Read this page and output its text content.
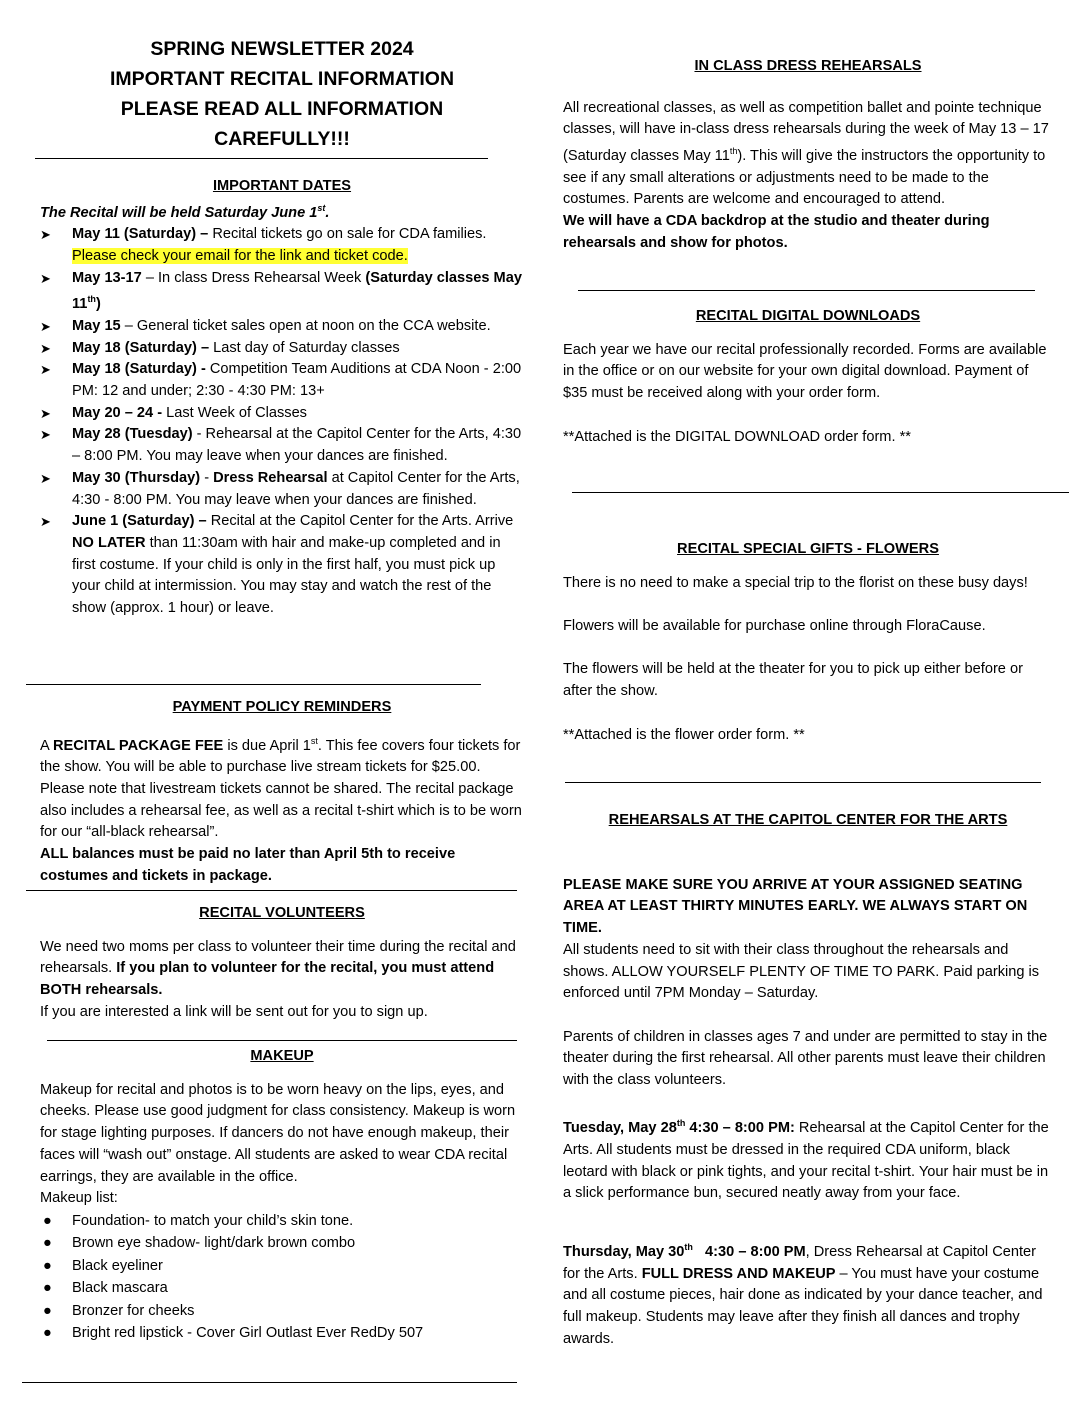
SPRING NEWSLETTER 2024

IMPORTANT RECITAL INFORMATION

PLEASE READ ALL INFORMATION

CAREFULLY!!!

IMPORTANT DATES

The Recital will be held Saturday June 1st.

➤ May 11 (Saturday) – Recital tickets go on sale for CDA families. Please check your email for the link and ticket code.
➤ May 13-17 – In class Dress Rehearsal Week (Saturday classes May 11th)
➤ May 15 – General ticket sales open at noon on the CCA website.
➤ May 18 (Saturday) – Last day of Saturday classes
➤ May 18 (Saturday) - Competition Team Auditions at CDA Noon - 2:00 PM: 12 and under; 2:30 - 4:30 PM: 13+
➤ May 20 – 24 - Last Week of Classes
➤ May 28 (Tuesday) - Rehearsal at the Capitol Center for the Arts, 4:30 – 8:00 PM. You may leave when your dances are finished.
➤ May 30 (Thursday) - Dress Rehearsal at Capitol Center for the Arts, 4:30 - 8:00 PM. You may leave when your dances are finished.
➤ June 1 (Saturday) – Recital at the Capitol Center for the Arts. Arrive NO LATER than 11:30am with hair and make-up completed and in first costume. If your child is only in the first half, you must pick up your child at intermission. You may stay and watch the rest of the show (approx. 1 hour) or leave.

PAYMENT POLICY REMINDERS

A RECITAL PACKAGE FEE is due April 1st. This fee covers four tickets for the show. You will be able to purchase live stream tickets for $25.00. Please note that livestream tickets cannot be shared. The recital package also includes a rehearsal fee, as well as a recital t-shirt which is to be worn for our “all-black rehearsal”.

ALL balances must be paid no later than April 5th to receive costumes and tickets in package.

RECITAL VOLUNTEERS

We need two moms per class to volunteer their time during the recital and rehearsals. If you plan to volunteer for the recital, you must attend BOTH rehearsals.

If you are interested a link will be sent out for you to sign up.

MAKEUP

Makeup for recital and photos is to be worn heavy on the lips, eyes, and cheeks. Please use good judgment for class consistency. Makeup is worn for stage lighting purposes. If dancers do not have enough makeup, their faces will “wash out” onstage. All students are asked to wear CDA recital earrings, they are available in the office.

Makeup list:

● Foundation- to match your child’s skin tone.
● Brown eye shadow- light/dark brown combo
● Black eyeliner
● Black mascara
● Bronzer for cheeks
● Bright red lipstick - Cover Girl Outlast Ever RedDy 507

IN CLASS DRESS REHEARSALS

All recreational classes, as well as competition ballet and pointe technique classes, will have in-class dress rehearsals during the week of May 13 – 17 (Saturday classes May 11th). This will give the instructors the opportunity to see if any small alterations or adjustments need to be made to the costumes. Parents are welcome and encouraged to attend.

We will have a CDA backdrop at the studio and theater during rehearsals and show for photos.

RECITAL DIGITAL DOWNLOADS

Each year we have our recital professionally recorded. Forms are available in the office or on our website for your own digital download. Payment of $35 must be received along with your order form.

**Attached is the DIGITAL DOWNLOAD order form. **

RECITAL SPECIAL GIFTS - FLOWERS

There is no need to make a special trip to the florist on these busy days!

Flowers will be available for purchase online through FloraCause.

The flowers will be held at the theater for you to pick up either before or after the show.

**Attached is the flower order form. **

REHEARSALS AT THE CAPITOL CENTER FOR THE ARTS

PLEASE MAKE SURE YOU ARRIVE AT YOUR ASSIGNED SEATING AREA AT LEAST THIRTY MINUTES EARLY. WE ALWAYS START ON TIME.

All students need to sit with their class throughout the rehearsals and shows. ALLOW YOURSELF PLENTY OF TIME TO PARK. Paid parking is enforced until 7PM Monday – Saturday.

Parents of children in classes ages 7 and under are permitted to stay in the theater during the first rehearsal. All other parents must leave their children with the class volunteers.

Tuesday, May 28th 4:30 – 8:00 PM: Rehearsal at the Capitol Center for the Arts. All students must be dressed in the required CDA uniform, black leotard with black or pink tights, and your recital t-shirt. Your hair must be in a slick performance bun, secured neatly away from your face.

Thursday, May 30th   4:30 – 8:00 PM, Dress Rehearsal at Capitol Center for the Arts. FULL DRESS AND MAKEUP – You must have your costume and all costume pieces, hair done as indicated by your dance teacher, and full makeup. Students may leave after they finish all dances and trophy awards.
